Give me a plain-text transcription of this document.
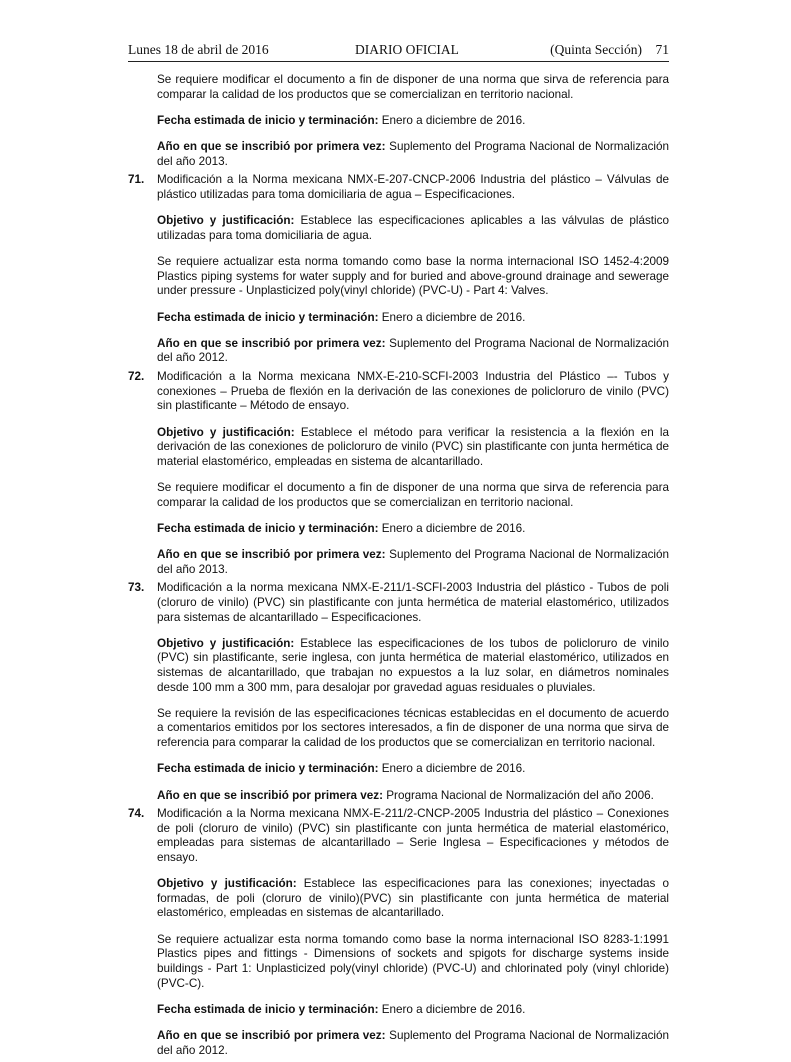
Lunes 18 de abril de 2016	DIARIO OFICIAL	(Quinta Sección) 71

Se requiere modificar el documento a fin de disponer de una norma que sirva de referencia para comparar la calidad de los productos que se comercializan en territorio nacional.

Fecha estimada de inicio y terminación: Enero a diciembre de 2016.

Año en que se inscribió por primera vez: Suplemento del Programa Nacional de Normalización del año 2013.

71. Modificación a la Norma mexicana NMX-E-207-CNCP-2006 Industria del plástico – Válvulas de plástico utilizadas para toma domiciliaria de agua – Especificaciones.

Objetivo y justificación: Establece las especificaciones aplicables a las válvulas de plástico utilizadas para toma domiciliaria de agua.

Se requiere actualizar esta norma tomando como base la norma internacional ISO 1452-4:2009 Plastics piping systems for water supply and for buried and above-ground drainage and sewerage under pressure - Unplasticized poly(vinyl chloride) (PVC-U) - Part 4: Valves.

Fecha estimada de inicio y terminación: Enero a diciembre de 2016.

Año en que se inscribió por primera vez: Suplemento del Programa Nacional de Normalización del año 2012.

72. Modificación a la Norma mexicana NMX-E-210-SCFI-2003 Industria del Plástico –- Tubos y conexiones – Prueba de flexión en la derivación de las conexiones de policloruro de vinilo (PVC) sin plastificante – Método de ensayo.

Objetivo y justificación: Establece el método para verificar la resistencia a la flexión en la derivación de las conexiones de policloruro de vinilo (PVC) sin plastificante con junta hermética de material elastomérico, empleadas en sistema de alcantarillado.

Se requiere modificar el documento a fin de disponer de una norma que sirva de referencia para comparar la calidad de los productos que se comercializan en territorio nacional.

Fecha estimada de inicio y terminación: Enero a diciembre de 2016.

Año en que se inscribió por primera vez: Suplemento del Programa Nacional de Normalización del año 2013.

73. Modificación a la norma mexicana NMX-E-211/1-SCFI-2003 Industria del plástico - Tubos de poli (cloruro de vinilo) (PVC) sin plastificante con junta hermética de material elastomérico, utilizados para sistemas de alcantarillado – Especificaciones.

Objetivo y justificación: Establece las especificaciones de los tubos de policloruro de vinilo (PVC) sin plastificante, serie inglesa, con junta hermética de material elastomérico, utilizados en sistemas de alcantarillado, que trabajan no expuestos a la luz solar, en diámetros nominales desde 100 mm a 300 mm, para desalojar por gravedad aguas residuales o pluviales.

Se requiere la revisión de las especificaciones técnicas establecidas en el documento de acuerdo a comentarios emitidos por los sectores interesados, a fin de disponer de una norma que sirva de referencia para comparar la calidad de los productos que se comercializan en territorio nacional.

Fecha estimada de inicio y terminación: Enero a diciembre de 2016.

Año en que se inscribió por primera vez: Programa Nacional de Normalización del año 2006.

74. Modificación a la Norma mexicana NMX-E-211/2-CNCP-2005 Industria del plástico – Conexiones de poli (cloruro de vinilo) (PVC) sin plastificante con junta hermética de material elastomérico, empleadas para sistemas de alcantarillado – Serie Inglesa – Especificaciones y métodos de ensayo.

Objetivo y justificación: Establece las especificaciones para las conexiones; inyectadas o formadas, de poli (cloruro de vinilo)(PVC) sin plastificante con junta hermética de material elastomérico, empleadas en sistemas de alcantarillado.

Se requiere actualizar esta norma tomando como base la norma internacional ISO 8283-1:1991 Plastics pipes and fittings - Dimensions of sockets and spigots for discharge systems inside buildings - Part 1: Unplasticized poly(vinyl chloride) (PVC-U) and chlorinated poly (vinyl chloride) (PVC-C).

Fecha estimada de inicio y terminación: Enero a diciembre de 2016.

Año en que se inscribió por primera vez: Suplemento del Programa Nacional de Normalización del año 2012.
